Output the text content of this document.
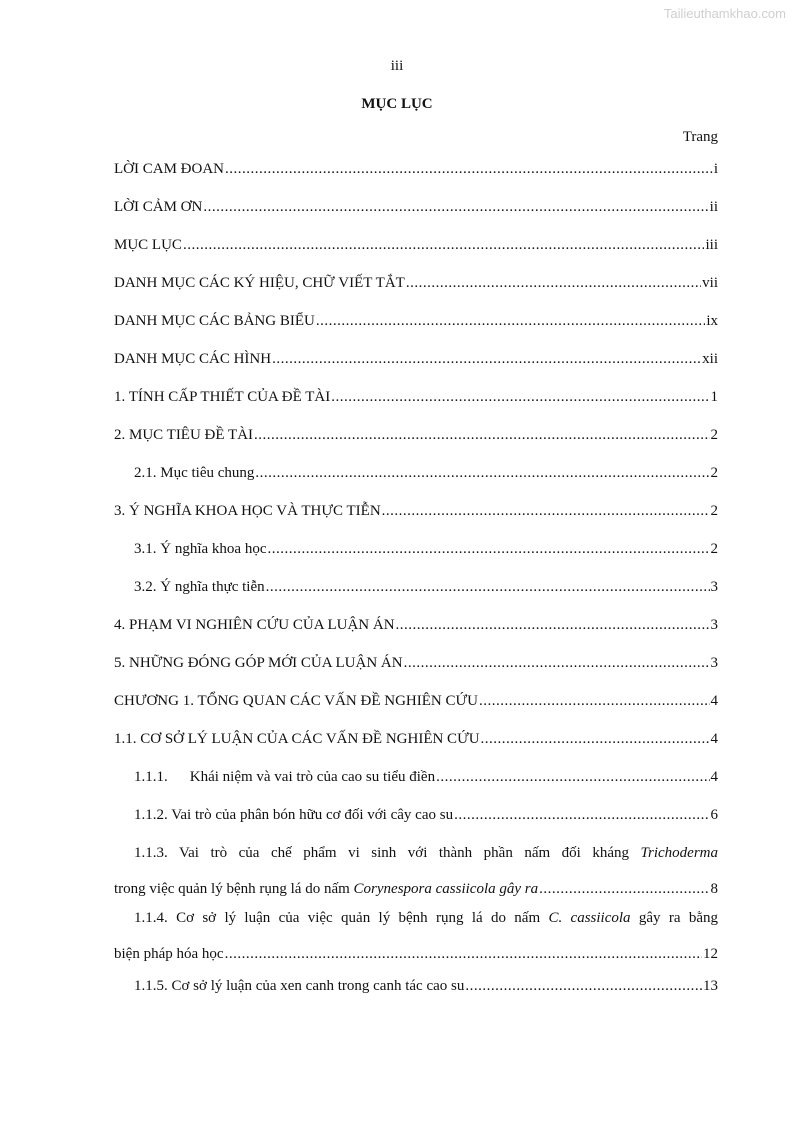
Tailieuthamkhao.com
iii
MỤC LỤC
Trang
LỜI CAM ĐOAN .....	i
LỜI CẢM ƠN .....	ii
MỤC LỤC .....	iii
DANH MỤC CÁC KÝ HIỆU, CHỮ VIẾT TẮT .....	vii
DANH MỤC CÁC BẢNG BIỂU .....	ix
DANH MỤC CÁC HÌNH .....	xii
1. TÍNH CẤP THIẾT CỦA ĐỀ TÀI .....	1
2. MỤC TIÊU ĐỀ TÀI .....	2
2.1. Mục tiêu chung .....	2
3. Ý NGHĨA KHOA HỌC VÀ THỰC TIỄN .....	2
3.1. Ý nghĩa khoa học .....	2
3.2. Ý nghĩa thực tiễn .....	3
4. PHẠM VI NGHIÊN CỨU CỦA LUẬN ÁN .....	3
5. NHỮNG ĐÓNG GÓP MỚI CỦA LUẬN ÁN .....	3
CHƯƠNG 1. TỔNG QUAN CÁC VẤN ĐỀ NGHIÊN CỨU .....	4
1.1. CƠ SỞ LÝ LUẬN CỦA CÁC VẤN ĐỀ NGHIÊN CỨU .....	4
1.1.1. Khái niệm và vai trò của cao su tiểu điền .....	4
1.1.2. Vai trò của phân bón hữu cơ đối với cây cao su .....	6
1.1.3. Vai trò của chế phẩm vi sinh với thành phần nấm đối kháng Trichoderma
trong việc quản lý bệnh rụng lá do nấm Corynespora cassiicola gây ra .....	8
1.1.4. Cơ sở lý luận của việc quản lý bệnh rụng lá do nấm C. cassiicola gây ra bằng
biện pháp hóa học .....	12
1.1.5. Cơ sở lý luận của xen canh trong canh tác cao su .....	13
